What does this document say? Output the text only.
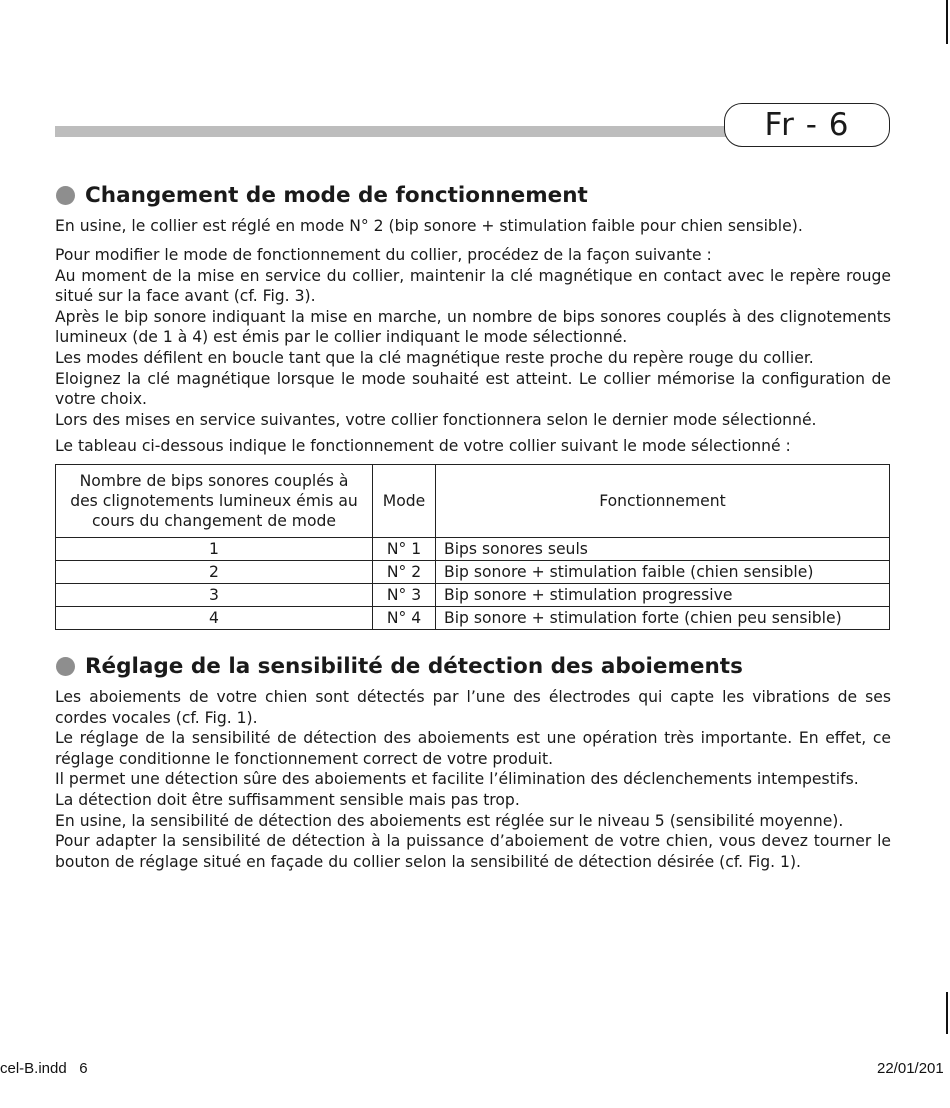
Fr - 6
Changement de mode de fonctionnement

En usine, le collier est réglé en mode N° 2 (bip sonore + stimulation faible pour chien sensible).

Pour modifier le mode de fonctionnement du collier, procédez de la façon suivante :

Au moment de la mise en service du collier, maintenir la clé magnétique en contact avec le repère rouge situé sur la face avant (cf. Fig. 3).

Après le bip sonore indiquant la mise en marche, un nombre de bips sonores couplés à des clignotements lumineux (de 1 à 4) est émis par le collier indiquant le mode sélectionné.

Les modes défilent en boucle tant que la clé magnétique reste proche du repère rouge du collier.

Eloignez la clé magnétique lorsque le mode souhaité est atteint. Le collier mémorise la configuration de votre choix.

Lors des mises en service suivantes, votre collier fonctionnera selon le dernier mode sélectionné.

Le tableau ci-dessous indique le fonctionnement de votre collier suivant le mode sélectionné :

Nombre de bips sonores couplés à des clignotements lumineux émis au cours du changement de mode	Mode	Fonctionnement
1	N° 1	Bips sonores seuls
2	N° 2	Bip sonore + stimulation faible (chien sensible)
3	N° 3	Bip sonore + stimulation progressive
4	N° 4	Bip sonore + stimulation forte (chien peu sensible)
Réglage de la sensibilité de détection des aboiements

Les aboiements de votre chien sont détectés par l’une des électrodes qui capte les vibrations de ses cordes vocales (cf. Fig. 1).

Le réglage de la sensibilité de détection des aboiements est une opération très importante. En effet, ce réglage conditionne le fonctionnement correct de votre produit.

Il permet une détection sûre des aboiements et facilite l’élimination des déclenchements intempestifs.

La détection doit être suffisamment sensible mais pas trop.

En usine, la sensibilité de détection des aboiements est réglée sur le niveau 5 (sensibilité moyenne).

Pour adapter la sensibilité de détection à la puissance d’aboiement de votre chien, vous devez tourner le bouton de réglage situé en façade du collier selon la sensibilité de détection désirée (cf. Fig. 1).

cel-B.indd   6	22/01/201
